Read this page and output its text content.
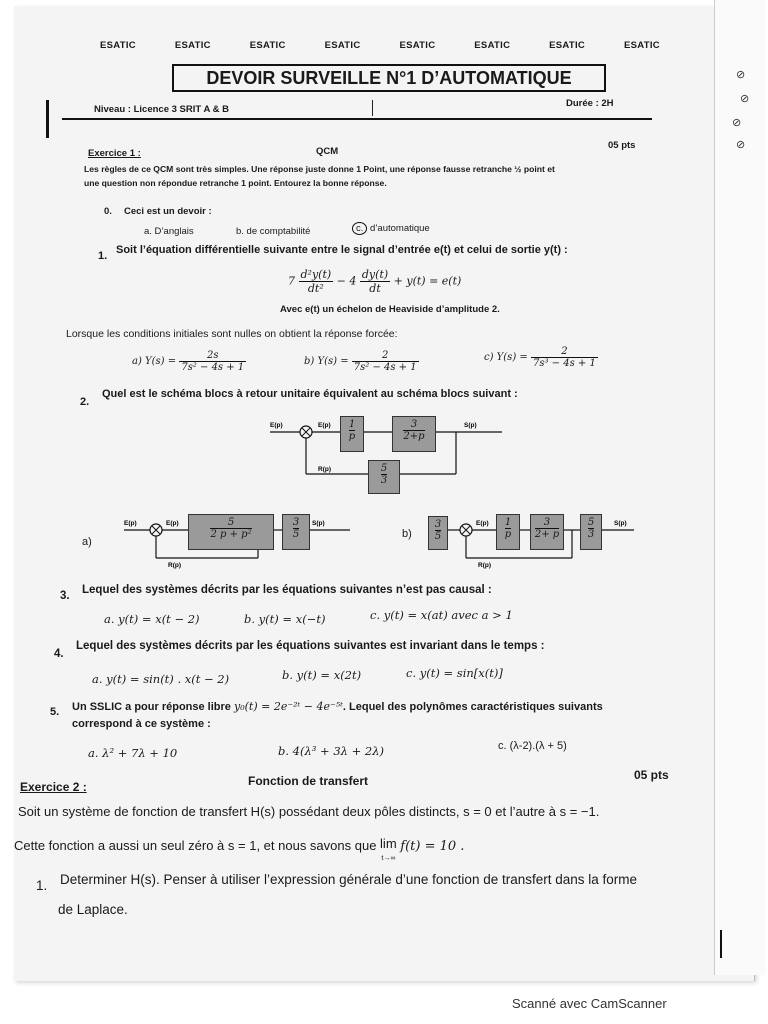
ESATIC	ESATIC	ESATIC	ESATIC	ESATIC	ESATIC	ESATIC	ESATIC
DEVOIR SURVEILLE N°1 D’AUTOMATIQUE
Niveau : Licence 3 SRIT A & B
Durée : 2H
Exercice 1 :	QCM
05 pts
Les règles de ce QCM sont très simples. Une réponse juste donne 1 Point, une réponse fausse retranche ½ point et
une question non répondue retranche 1 point. Entourez la bonne réponse.
0. Ceci est un devoir :
a. D’anglais	b. de comptabilité	c. d’automatique
1. Soit l’équation différentielle suivante entre le signal d’entrée e(t) et celui de sortie y(t) :
$7 \frac{\text{d²y(t)}}{\text{dt²}} - 4 \frac{dy(t)}{dt} + y(t) = e(t)$
Avec e(t) un échelon de Heaviside d’amplitude 2.
Lorsque les conditions initiales sont nulles on obtient la réponse forcée:
a) $Y(s) = \frac{2s}{\text{7s² − 4s + 1}}$	b) $Y(s) = \frac{2}{\text{7s² − 4s + 1}}$	c) $Y(s) = \frac{2}{\text{7s³ − 4s + 1}}$
2.
Quel est le schéma blocs à retour unitaire équivalent au schéma blocs suivant :
E(p)	E(p)	S(p)
R(p)
$\frac{1}{p}$	$\frac{3}{2+p}$
$\frac{5}{3}$
a)
E(p)	E(p)	S(p)
R(p)
$\frac{5}{\text{2 p + p²}}$	$\frac{3}{5}$	b)
E(p)	S(p)
R(p)
$\frac{3}{5}$	$\frac{1}{p}$	$\frac{3}{2+ p}$	$\frac{5}{3}$
3. Lequel des systèmes décrits par les équations suivantes n’est pas causal :
a. y(t) = x(t − 2)	b. y(t) = x(−t)	c. y(t) = x(at) avec a > 1
4.
Lequel des systèmes décrits par les équations suivantes est invariant dans le temps :
a. y(t) = sin(t) . x(t − 2)	b. y(t) = x(2t)	c. y(t) = sin[x(t)]
5. Un SSLIC a pour réponse libre y₀(t) = 2e⁻²ᵗ − 4e⁻⁵ᵗ. Lequel des polynômes caractéristiques suivants
correspond à ce système :
a. λ² + 7λ + 10	b. 4(λ³ + 3λ + 2λ)	c. (λ-2).(λ + 5)
Exercice 2 :	Fonction de transfert	05 pts
Soit un système de fonction de transfert H(s) possédant deux pôles distincts, s = 0 et l’autre à s = −1.
Cette fonction a aussi un seul zéro à s = 1, et nous savons que lim
t→∞ f(t) = 10 .
1. Determiner H(s). Penser à utiliser l’expression générale d’une fonction de transfert dans la forme
de Laplace.
⊘
⊘
⊘
⊘
Scanné avec CamScanner
